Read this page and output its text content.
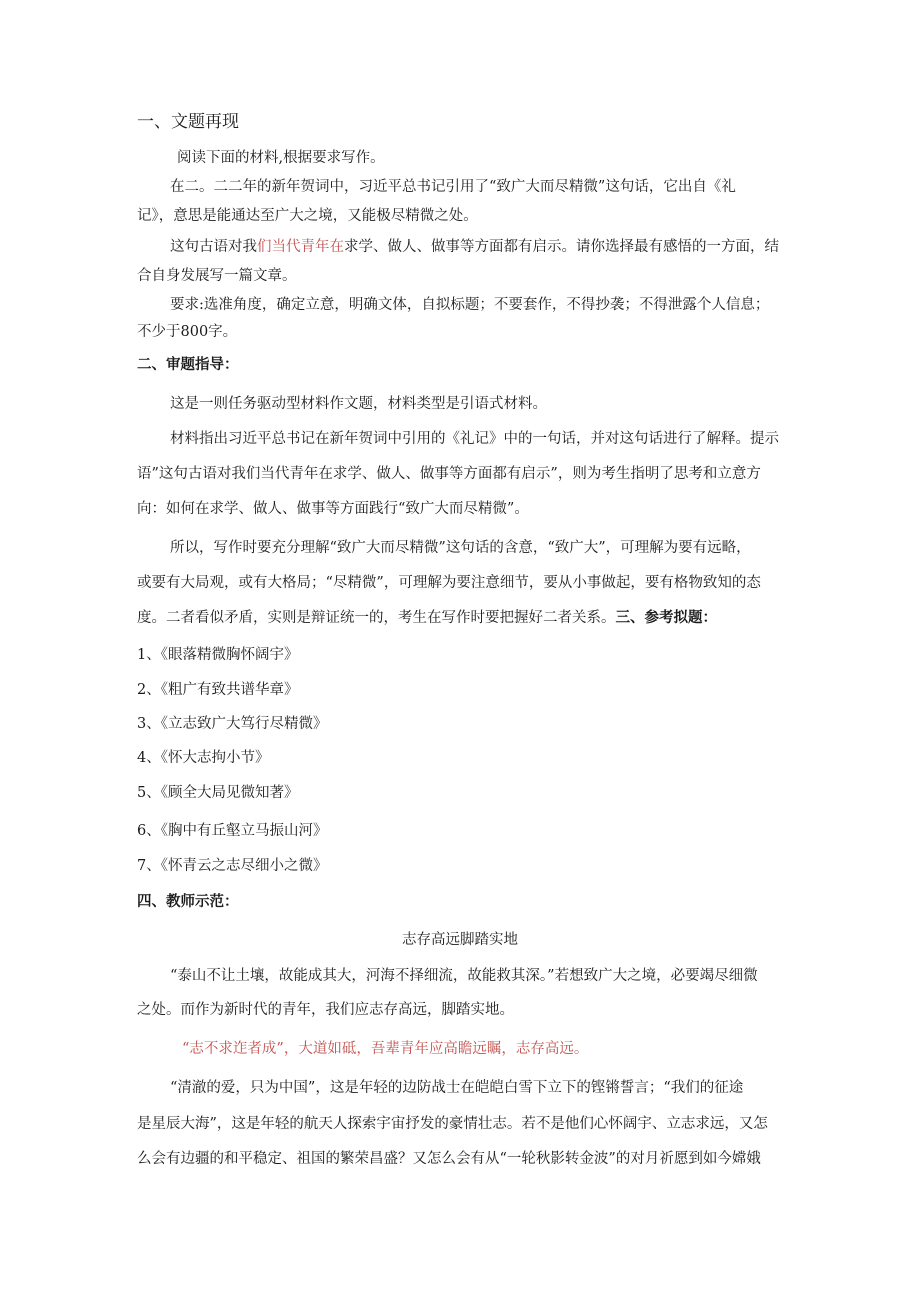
一、文题再现
阅读下面的材料,根据要求写作。
在二。二二年的新年贺词中，习近平总书记引用了“致广大而尽精微”这句话，它出自《礼
记》，意思是能通达至广大之境，又能极尽精微之处。
这句古语对我们当代青年在求学、做人、做事等方面都有启示。请你选择最有感悟的一方面，结
合自身发展写一篇文章。
要求:选准角度，确定立意，明确文体，自拟标题；不要套作，不得抄袭；不得泄露个人信息；
不少于800字。
二、审题指导：
这是一则任务驱动型材料作文题，材料类型是引语式材料。
材料指出习近平总书记在新年贺词中引用的《礼记》中的一句话，并对这句话进行了解释。提示
语”这句古语对我们当代青年在求学、做人、做事等方面都有启示”，则为考生指明了思考和立意方
向：如何在求学、做人、做事等方面践行“致广大而尽精微”。
所以，写作时要充分理解“致广大而尽精微”这句话的含意，“致广大”，可理解为要有远略，
或要有大局观，或有大格局；“尽精微”，可理解为要注意细节，要从小事做起，要有格物致知的态
度。二者看似矛盾，实则是辩证统一的，考生在写作时要把握好二者关系。三、参考拟题：
1、《眼落精微胸怀阔宇》
2、《粗广有致共谱华章》
3、《立志致广大笃行尽精微》
4、《怀大志拘小节》
5、《顾全大局见微知著》
6、《胸中有丘壑立马振山河》
7、《怀青云之志尽细小之微》
四、教师示范：
志存高远脚踏实地
“泰山不让土壤，故能成其大，河海不择细流，故能救其深。”若想致广大之境，必要竭尽细微
之处。而作为新时代的青年，我们应志存高远，脚踏实地。
“志不求迮者成”，大道如砥，吾辈青年应高瞻远瞩，志存高远。
“清澈的爱，只为中国”，这是年轻的边防战士在皑皑白雪下立下的铿锵誓言；“我们的征途
是星辰大海”，这是年轻的航天人探索宇宙抒发的豪情壮志。若不是他们心怀阔宇、立志求远，又怎
么会有边疆的和平稳定、祖国的繁荣昌盛？又怎么会有从“一轮秋影转金波”的对月祈愿到如今嫦娥
